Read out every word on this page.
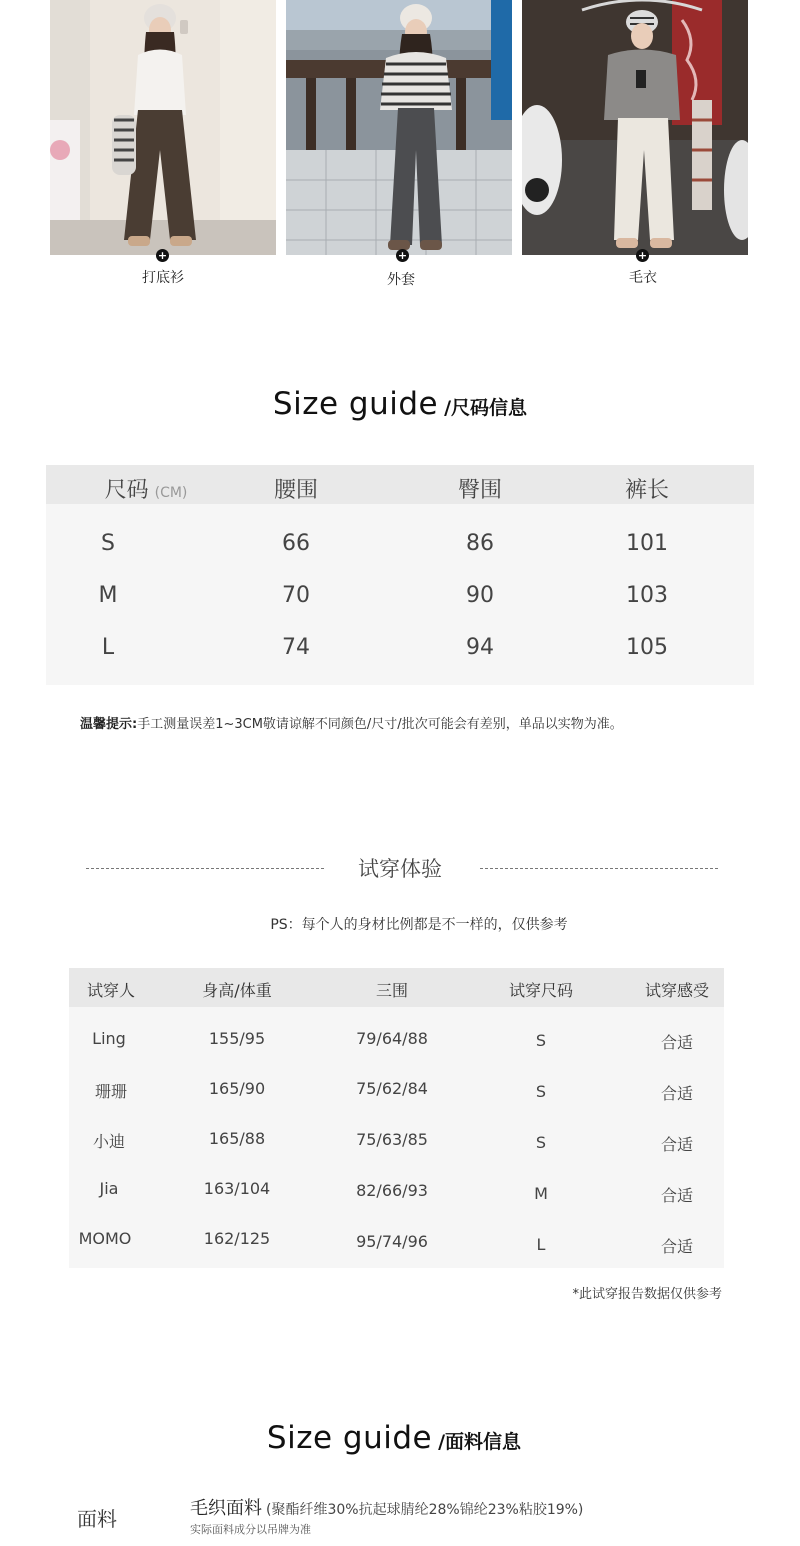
+
打底衫
+
外套
+
毛衣
Size guide /尺码信息
尺码 (CM)	腰围	臀围	裤长
S	66	86	101
M	70	90	103
L	74	94	105
温馨提示:手工测量误差1~3CM敬请谅解不同颜色/尺寸/批次可能会有差别，单品以实物为准。
试穿体验
PS：每个人的身材比例都是不一样的，仅供参考
试穿人	身高/体重	三围	试穿尺码	试穿感受
Ling	155/95	79/64/88	S	合适
珊珊	165/90	75/62/84	S	合适
小迪	165/88	75/63/85	S	合适
Jia	163/104	82/66/93	M	合适
MOMO	162/125	95/74/96	L	合适
*此试穿报告数据仅供参考
Size guide /面料信息
面料	毛织面料 (聚酯纤维30%抗起球腈纶28%锦纶23%粘胶19%)
实际面料成分以吊牌为准
